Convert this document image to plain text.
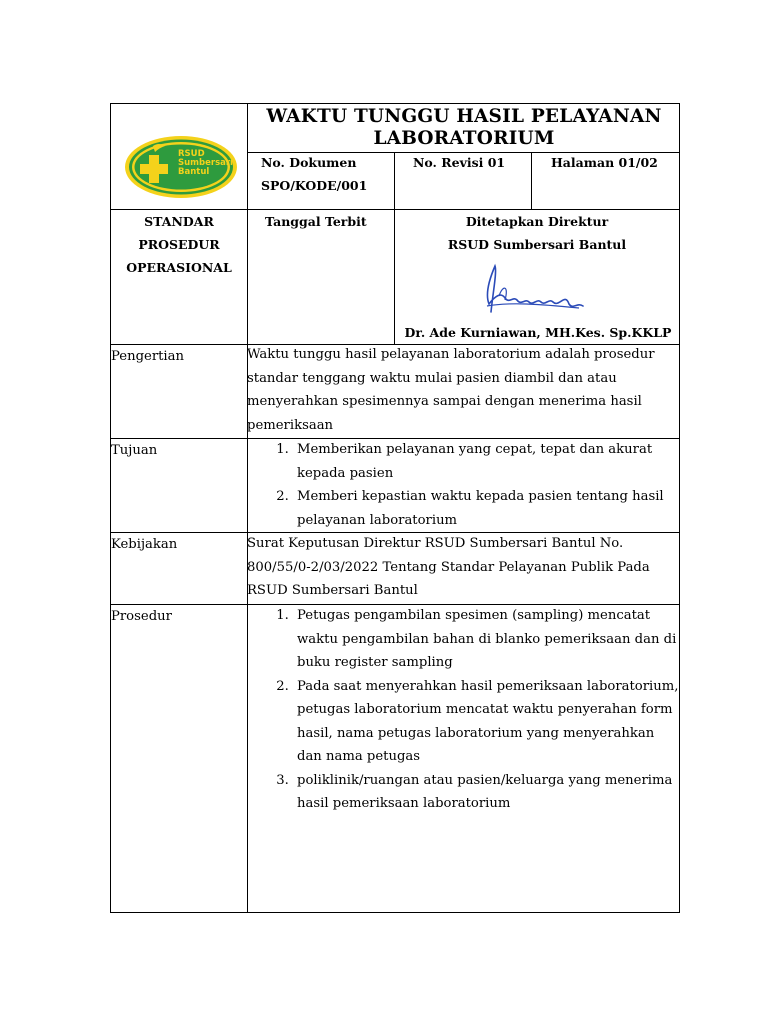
WAKTU TUNGGU HASIL PELAYANAN LABORATORIUM
RSUD
Sumbersari
Bantul
No. Dokumen
SPO/KODE/001
No. Revisi 01	Halaman 01/02
STANDAR
PROSEDUR
OPERASIONAL
Tanggal Terbit	Ditetapkan Direktur
RSUD Sumbersari Bantul
Dr. Ade Kurniawan, MH.Kes. Sp.KKLP
Pengertian	Waktu tunggu hasil pelayanan laboratorium adalah prosedur standar tenggang waktu mulai pasien diambil dan atau menyerahkan spesimennya sampai dengan menerima hasil pemeriksaan
Tujuan	1. Memberikan pelayanan yang cepat, tepat dan akurat kepada pasien
2. Memberi kepastian waktu kepada pasien tentang hasil pelayanan laboratorium
Kebijakan	Surat Keputusan Direktur RSUD Sumbersari Bantul No. 800/55/0-2/03/2022 Tentang Standar Pelayanan Publik Pada RSUD Sumbersari Bantul
Prosedur	1. Petugas pengambilan spesimen (sampling) mencatat waktu pengambilan bahan di blanko pemeriksaan dan di buku register sampling
2. Pada saat menyerahkan hasil pemeriksaan laboratorium, petugas laboratorium mencatat waktu penyerahan form hasil, nama petugas laboratorium yang menyerahkan dan nama petugas
3. poliklinik/ruangan atau pasien/keluarga yang menerima hasil pemeriksaan laboratorium
